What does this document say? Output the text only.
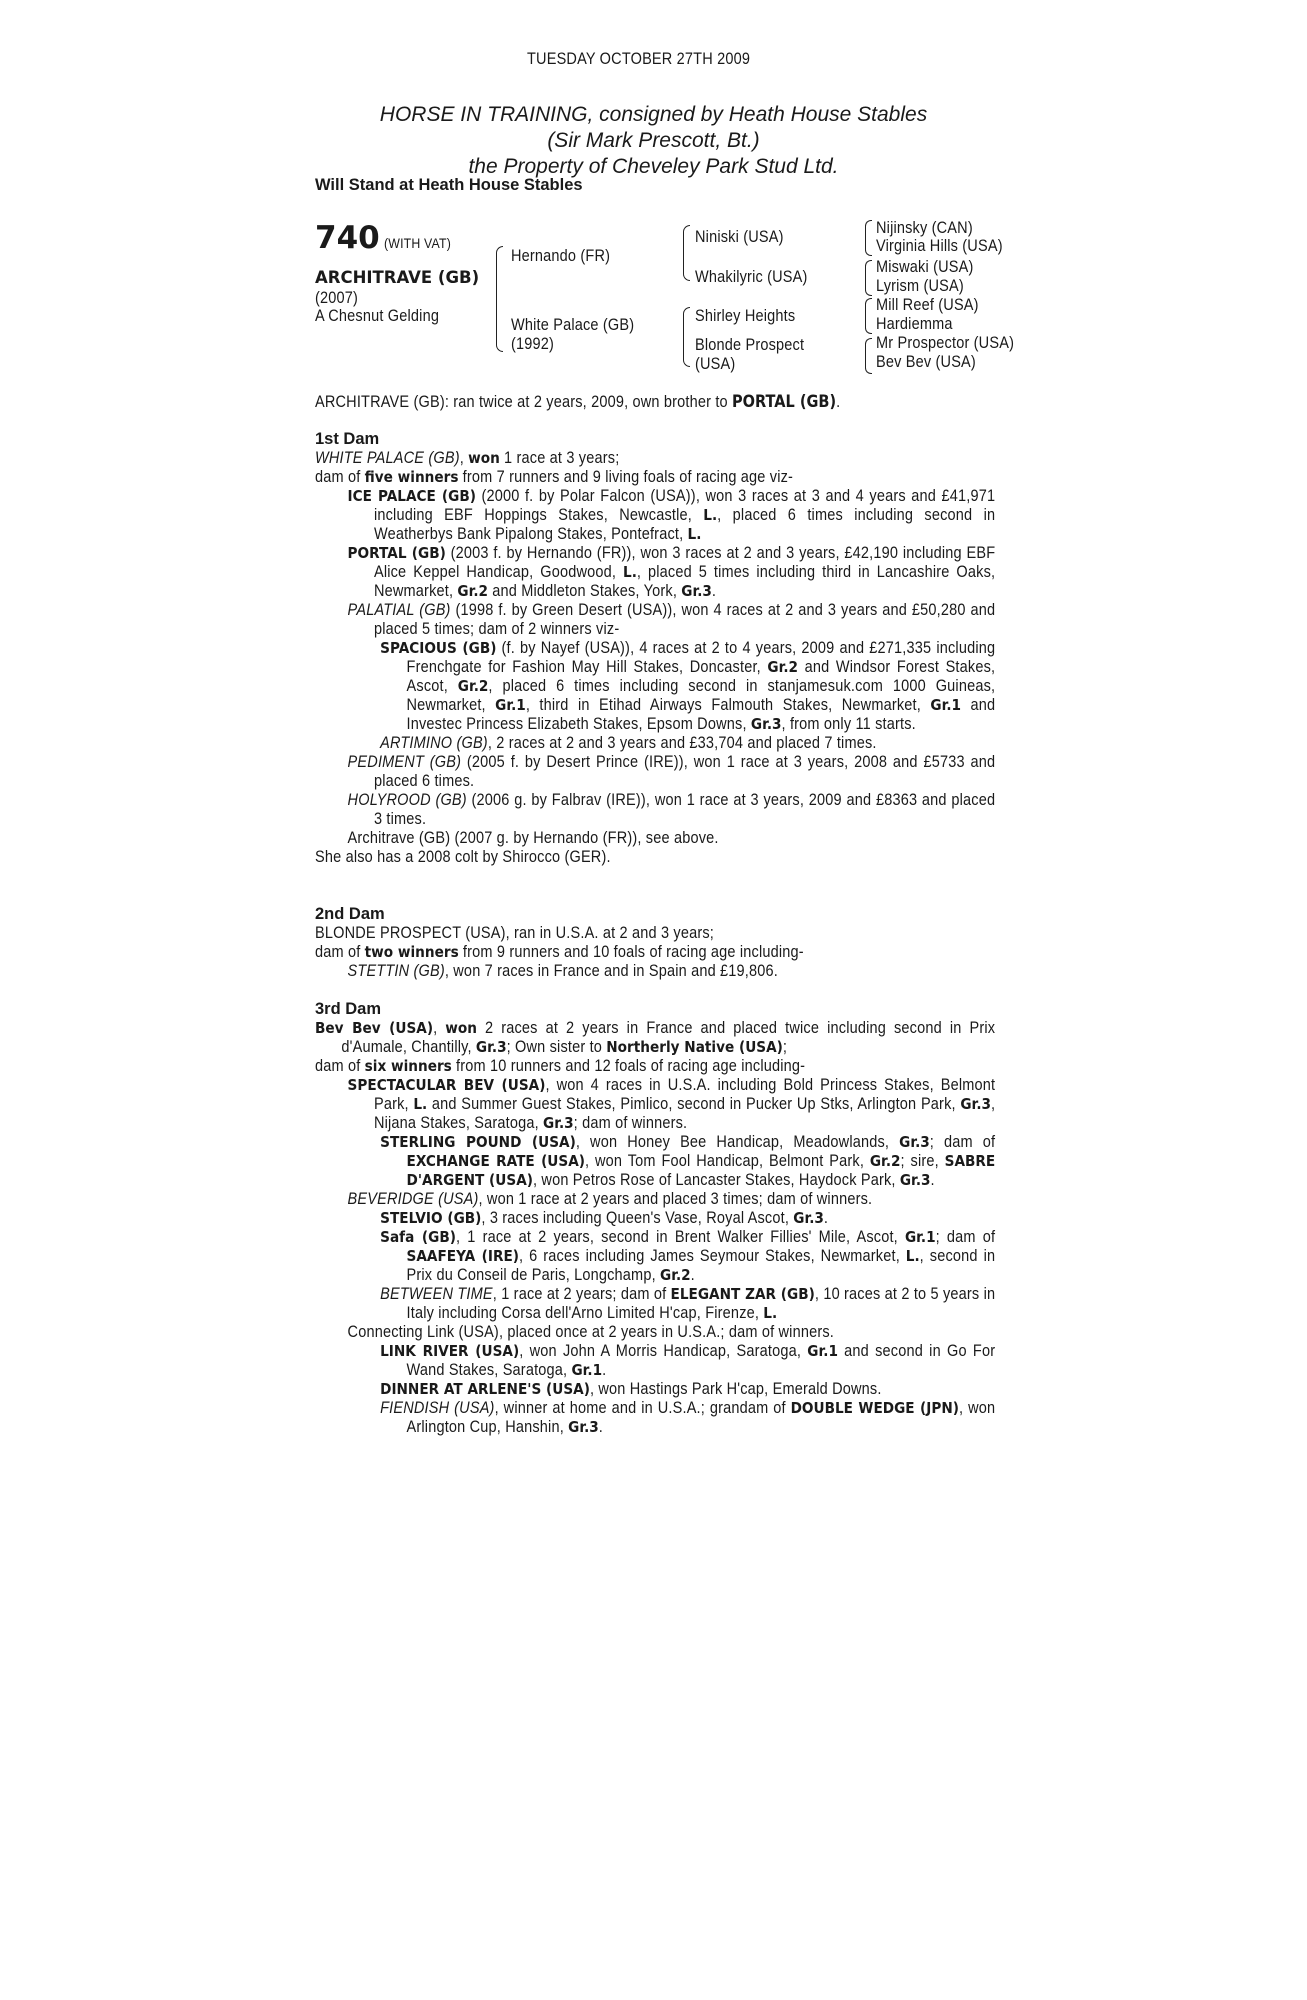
TUESDAY OCTOBER 27TH 2009
HORSE IN TRAINING, consigned by Heath House Stables
(Sir Mark Prescott, Bt.)
the Property of Cheveley Park Stud Ltd.
Will Stand at Heath House Stables
740 (WITH VAT)
ARCHITRAVE (GB)
(2007)
A Chesnut Gelding
Hernando (FR)
White Palace (GB)
(1992)
Niniski (USA)
Whakilyric (USA)
Shirley Heights
Blonde Prospect
(USA)
Nijinsky (CAN)
Virginia Hills (USA)
Miswaki (USA)
Lyrism (USA)
Mill Reef (USA)
Hardiemma
Mr Prospector (USA)
Bev Bev (USA)
ARCHITRAVE (GB): ran twice at 2 years, 2009, own brother to PORTAL (GB).
1st Dam
WHITE PALACE (GB), won 1 race at 3 years;
dam of five winners from 7 runners and 9 living foals of racing age viz-
ICE PALACE (GB) (2000 f. by Polar Falcon (USA)), won 3 races at 3 and 4 years and £41,971 including EBF Hoppings Stakes, Newcastle, L., placed 6 times including second in Weatherbys Bank Pipalong Stakes, Pontefract, L.
PORTAL (GB) (2003 f. by Hernando (FR)), won 3 races at 2 and 3 years, £42,190 including EBF Alice Keppel Handicap, Goodwood, L., placed 5 times including third in Lancashire Oaks, Newmarket, Gr.2 and Middleton Stakes, York, Gr.3.
PALATIAL (GB) (1998 f. by Green Desert (USA)), won 4 races at 2 and 3 years and £50,280 and placed 5 times; dam of 2 winners viz-
SPACIOUS (GB) (f. by Nayef (USA)), 4 races at 2 to 4 years, 2009 and £271,335 including Frenchgate for Fashion May Hill Stakes, Doncaster, Gr.2 and Windsor Forest Stakes, Ascot, Gr.2, placed 6 times including second in stanjamesuk.com 1000 Guineas, Newmarket, Gr.1, third in Etihad Airways Falmouth Stakes, Newmarket, Gr.1 and Investec Princess Elizabeth Stakes, Epsom Downs, Gr.3, from only 11 starts.
ARTIMINO (GB), 2 races at 2 and 3 years and £33,704 and placed 7 times.
PEDIMENT (GB) (2005 f. by Desert Prince (IRE)), won 1 race at 3 years, 2008 and £5733 and placed 6 times.
HOLYROOD (GB) (2006 g. by Falbrav (IRE)), won 1 race at 3 years, 2009 and £8363 and placed 3 times.
Architrave (GB) (2007 g. by Hernando (FR)), see above.
She also has a 2008 colt by Shirocco (GER).
2nd Dam
BLONDE PROSPECT (USA), ran in U.S.A. at 2 and 3 years;
dam of two winners from 9 runners and 10 foals of racing age including-
STETTIN (GB), won 7 races in France and in Spain and £19,806.
3rd Dam
Bev Bev (USA), won 2 races at 2 years in France and placed twice including second in Prix d'Aumale, Chantilly, Gr.3; Own sister to Northerly Native (USA);
dam of six winners from 10 runners and 12 foals of racing age including-
SPECTACULAR BEV (USA), won 4 races in U.S.A. including Bold Princess Stakes, Belmont Park, L. and Summer Guest Stakes, Pimlico, second in Pucker Up Stks, Arlington Park, Gr.3, Nijana Stakes, Saratoga, Gr.3; dam of winners.
STERLING POUND (USA), won Honey Bee Handicap, Meadowlands, Gr.3; dam of EXCHANGE RATE (USA), won Tom Fool Handicap, Belmont Park, Gr.2; sire, SABRE D'ARGENT (USA), won Petros Rose of Lancaster Stakes, Haydock Park, Gr.3.
BEVERIDGE (USA), won 1 race at 2 years and placed 3 times; dam of winners.
STELVIO (GB), 3 races including Queen's Vase, Royal Ascot, Gr.3.
Safa (GB), 1 race at 2 years, second in Brent Walker Fillies' Mile, Ascot, Gr.1; dam of SAAFEYA (IRE), 6 races including James Seymour Stakes, Newmarket, L., second in Prix du Conseil de Paris, Longchamp, Gr.2.
BETWEEN TIME, 1 race at 2 years; dam of ELEGANT ZAR (GB), 10 races at 2 to 5 years in Italy including Corsa dell'Arno Limited H'cap, Firenze, L.
Connecting Link (USA), placed once at 2 years in U.S.A.; dam of winners.
LINK RIVER (USA), won John A Morris Handicap, Saratoga, Gr.1 and second in Go For Wand Stakes, Saratoga, Gr.1.
DINNER AT ARLENE'S (USA), won Hastings Park H'cap, Emerald Downs.
FIENDISH (USA), winner at home and in U.S.A.; grandam of DOUBLE WEDGE (JPN), won Arlington Cup, Hanshin, Gr.3.
